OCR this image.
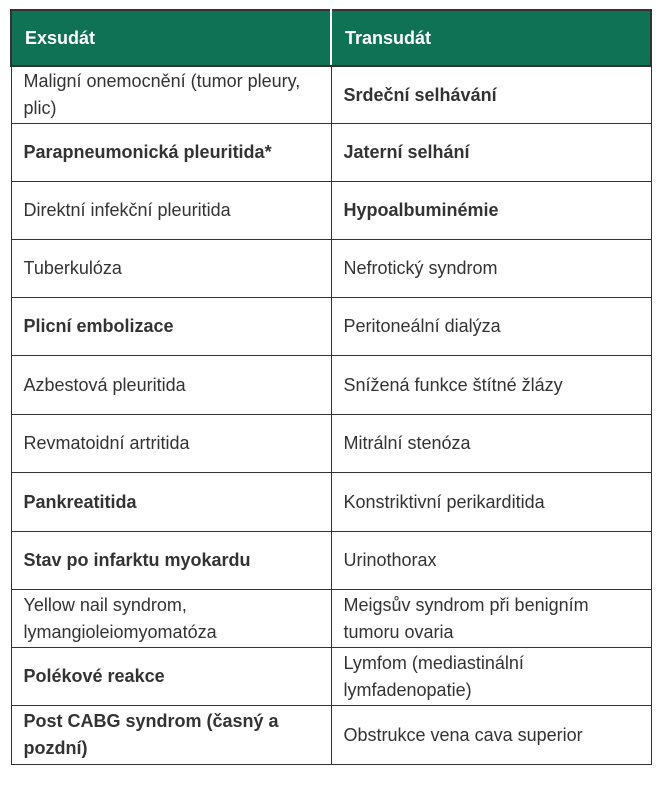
Exsudát	Transudát
Maligní onemocnění (tumor pleury, plic)	Srdeční selhávání
Parapneumonická pleuritida*	Jaterní selhání
Direktní infekční pleuritida	Hypoalbuminémie
Tuberkulóza	Nefrotický syndrom
Plicní embolizace	Peritoneální dialýza
Azbestová pleuritida	Snížená funkce štítné žlázy
Revmatoidní artritida	Mitrální stenóza
Pankreatitida	Konstriktivní perikarditida
Stav po infarktu myokardu	Urinothorax
Yellow nail syndrom, lymangioleiomyomatóza	Meigsův syndrom při benigním tumoru ovaria
Polékové reakce	Lymfom (mediastinální lymfadenopatie)
Post CABG syndrom (časný a pozdní)	Obstrukce vena cava superior
